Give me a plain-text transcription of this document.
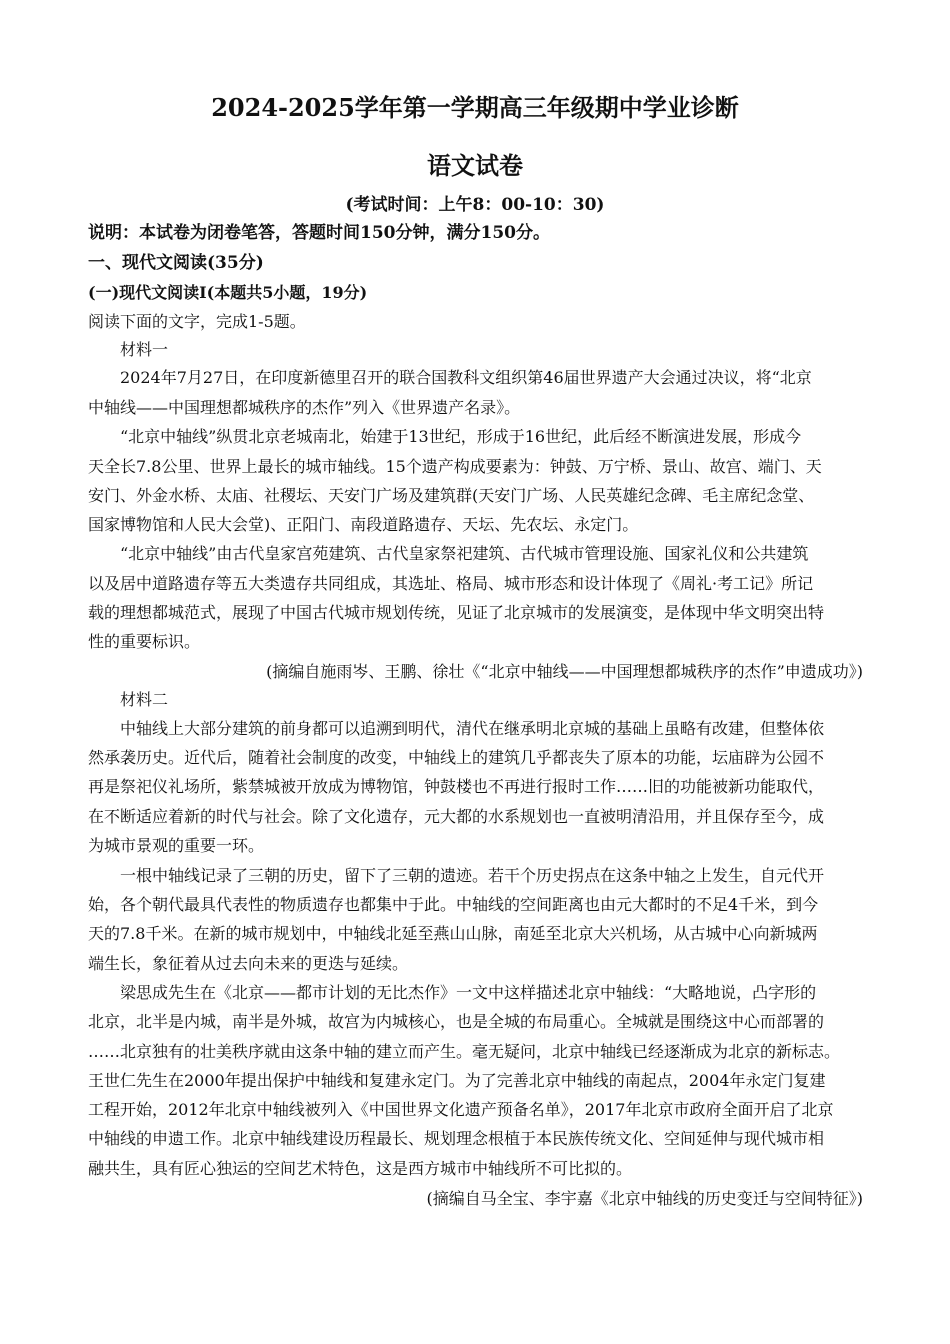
2024-2025学年第一学期高三年级期中学业诊断
语文试卷
(考试时间：上午8：00-10：30)
说明：本试卷为闭卷笔答，答题时间150分钟，满分150分。
一、现代文阅读(35分)
(一)现代文阅读Ⅰ(本题共5小题，19分)
阅读下面的文字，完成1-5题。
材料一
2024年7月27日，在印度新德里召开的联合国教科文组织第46届世界遗产大会通过决议，将“北京
中轴线——中国理想都城秩序的杰作”列入《世界遗产名录》。
“北京中轴线”纵贯北京老城南北，始建于13世纪，形成于16世纪，此后经不断演进发展，形成今
天全长7.8公里、世界上最长的城市轴线。15个遗产构成要素为：钟鼓、万宁桥、景山、故宫、端门、天
安门、外金水桥、太庙、社稷坛、天安门广场及建筑群(天安门广场、人民英雄纪念碑、毛主席纪念堂、
国家博物馆和人民大会堂)、正阳门、南段道路遗存、天坛、先农坛、永定门。
“北京中轴线”由古代皇家宫苑建筑、古代皇家祭祀建筑、古代城市管理设施、国家礼仪和公共建筑
以及居中道路遗存等五大类遗存共同组成，其选址、格局、城市形态和设计体现了《周礼·考工记》所记
载的理想都城范式，展现了中国古代城市规划传统，见证了北京城市的发展演变，是体现中华文明突出特
性的重要标识。
(摘编自施雨岑、王鹏、徐壮《“北京中轴线——中国理想都城秩序的杰作”申遗成功》)
材料二
中轴线上大部分建筑的前身都可以追溯到明代，清代在继承明北京城的基础上虽略有改建，但整体依
然承袭历史。近代后，随着社会制度的改变，中轴线上的建筑几乎都丧失了原本的功能，坛庙辟为公园不
再是祭祀仪礼场所，紫禁城被开放成为博物馆，钟鼓楼也不再进行报时工作……旧的功能被新功能取代，
在不断适应着新的时代与社会。除了文化遗存，元大都的水系规划也一直被明清沿用，并且保存至今，成
为城市景观的重要一环。
一根中轴线记录了三朝的历史，留下了三朝的遗迹。若干个历史拐点在这条中轴之上发生，自元代开
始，各个朝代最具代表性的物质遗存也都集中于此。中轴线的空间距离也由元大都时的不足4千米，到今
天的7.8千米。在新的城市规划中，中轴线北延至燕山山脉，南延至北京大兴机场，从古城中心向新城两
端生长，象征着从过去向未来的更迭与延续。
梁思成先生在《北京——都市计划的无比杰作》一文中这样描述北京中轴线：“大略地说，凸字形的
北京，北半是内城，南半是外城，故宫为内城核心，也是全城的布局重心。全城就是围绕这中心而部署的
……北京独有的壮美秩序就由这条中轴的建立而产生。毫无疑问，北京中轴线已经逐渐成为北京的新标志。
王世仁先生在2000年提出保护中轴线和复建永定门。为了完善北京中轴线的南起点，2004年永定门复建
工程开始，2012年北京中轴线被列入《中国世界文化遗产预备名单》，2017年北京市政府全面开启了北京
中轴线的申遗工作。北京中轴线建设历程最长、规划理念根植于本民族传统文化、空间延伸与现代城市相
融共生，具有匠心独运的空间艺术特色，这是西方城市中轴线所不可比拟的。
(摘编自马全宝、李宇嘉《北京中轴线的历史变迁与空间特征》)
